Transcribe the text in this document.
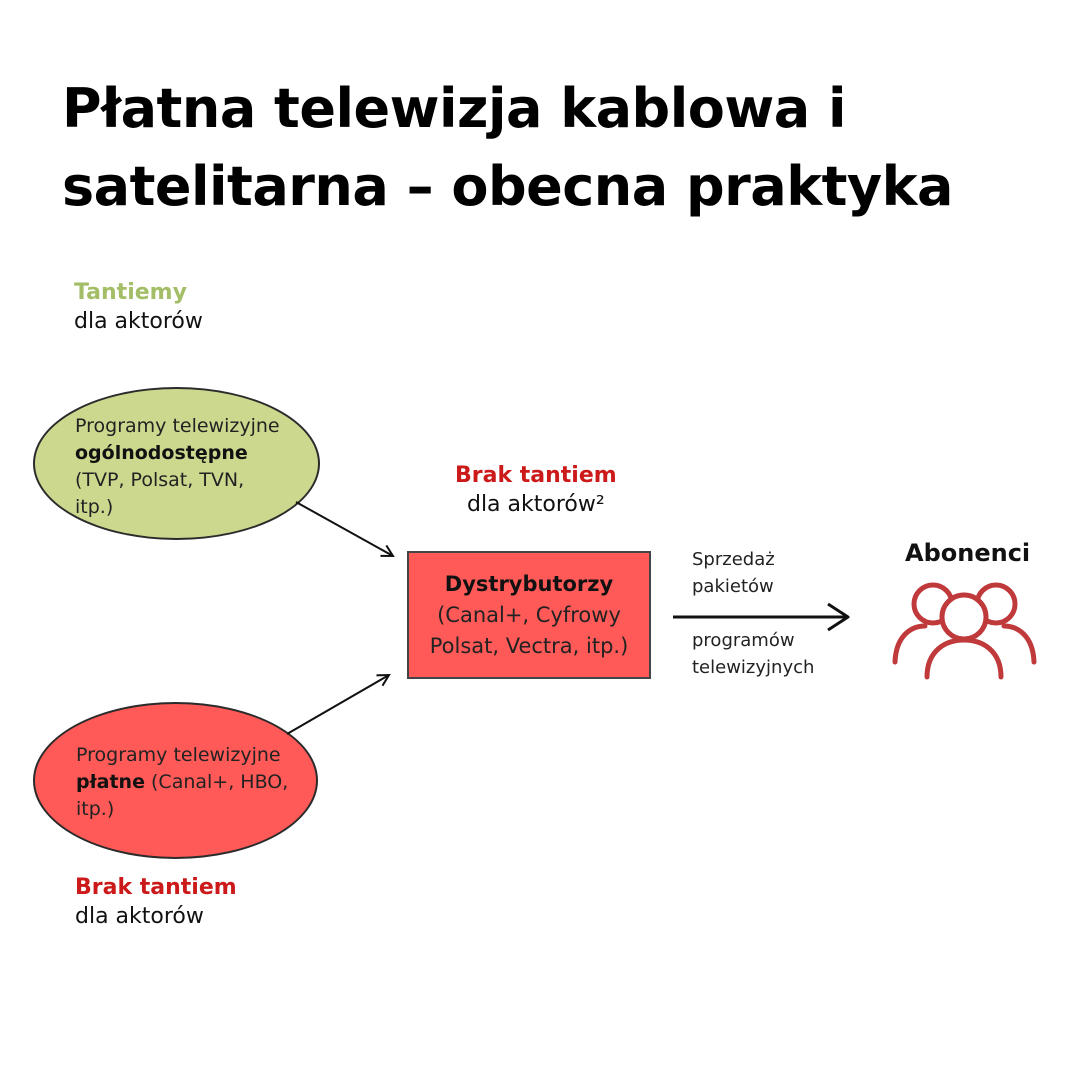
Płatna telewizja kablowa i
satelitarna – obecna praktyka
Tantiemy
dla aktorów
Programy telewizyjne
ogólnodostępne
(TVP, Polsat, TVN,
itp.)
Programy telewizyjne
płatne (Canal+, HBO,
itp.)
Brak tantiem
dla aktorów²
Brak tantiem
dla aktorów
Dystrybutorzy
(Canal+, Cyfrowy
Polsat, Vectra, itp.)
Sprzedaż
pakietów
programów
telewizyjnych
Abonenci
